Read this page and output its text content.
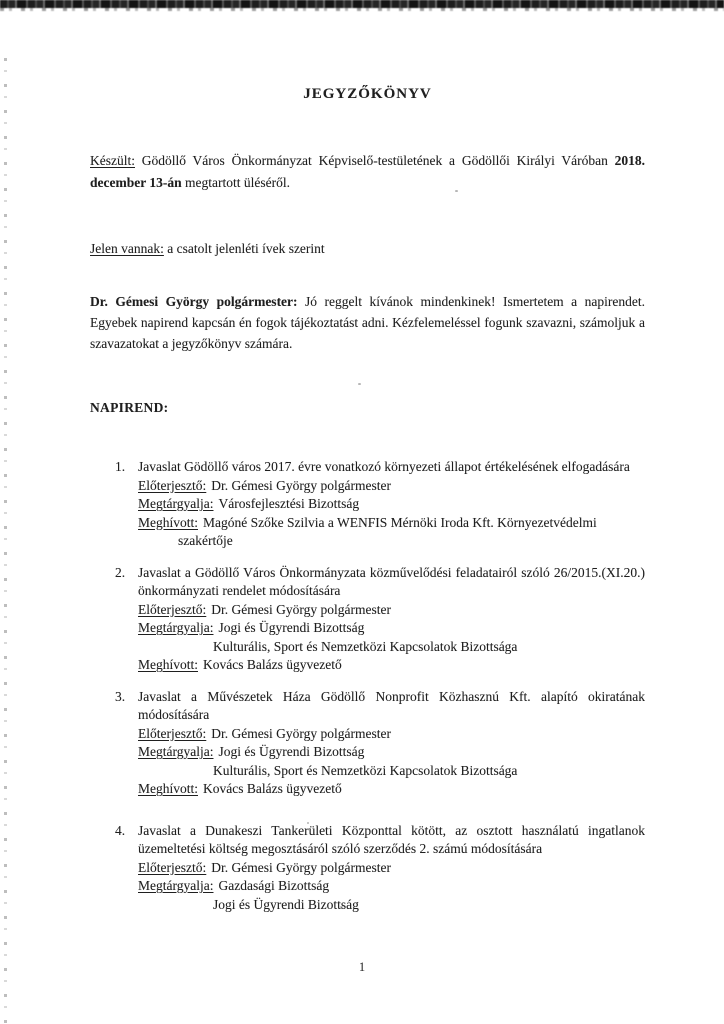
JEGYZŐKÖNYV

Készült: Gödöllő Város Önkormányzat Képviselő-testületének a Gödöllői Királyi Váróban 2018. december 13-án megtartott üléséről.

Jelen vannak: a csatolt jelenléti ívek szerint

Dr. Gémesi György polgármester: Jó reggelt kívánok mindenkinek! Ismertetem a napirendet. Egyebek napirend kapcsán én fogok tájékoztatást adni. Kézfelemeléssel fogunk szavazni, számoljuk a szavazatokat a jegyzőkönyv számára.

NAPIREND:

1. Javaslat Gödöllő város 2017. évre vonatkozó környezeti állapot értékelésének elfogadására

Előterjesztő: Dr. Gémesi György polgármester
Megtárgyalja: Városfejlesztési Bizottság
Meghívott: Magóné Szőke Szilvia a WENFIS Mérnöki Iroda Kft. Környezetvédelmi
szakértője
2. Javaslat a Gödöllő Város Önkormányzata közművelődési feladatairól szóló 26/2015.(XI.20.) önkormányzati rendelet módosítására

Előterjesztő: Dr. Gémesi György polgármester
Megtárgyalja: Jogi és Ügyrendi Bizottság
Kulturális, Sport és Nemzetközi Kapcsolatok Bizottsága
Meghívott: Kovács Balázs ügyvezető
3. Javaslat a Művészetek Háza Gödöllő Nonprofit Közhasznú Kft. alapító okiratának módosítására

Előterjesztő: Dr. Gémesi György polgármester
Megtárgyalja: Jogi és Ügyrendi Bizottság
Kulturális, Sport és Nemzetközi Kapcsolatok Bizottsága
Meghívott: Kovács Balázs ügyvezető
4. Javaslat a Dunakeszi Tankerületi Központtal kötött, az osztott használatú ingatlanok üzemeltetési költség megosztásáról szóló szerződés 2. számú módosítására

Előterjesztő: Dr. Gémesi György polgármester
Megtárgyalja: Gazdasági Bizottság
Jogi és Ügyrendi Bizottság
1
